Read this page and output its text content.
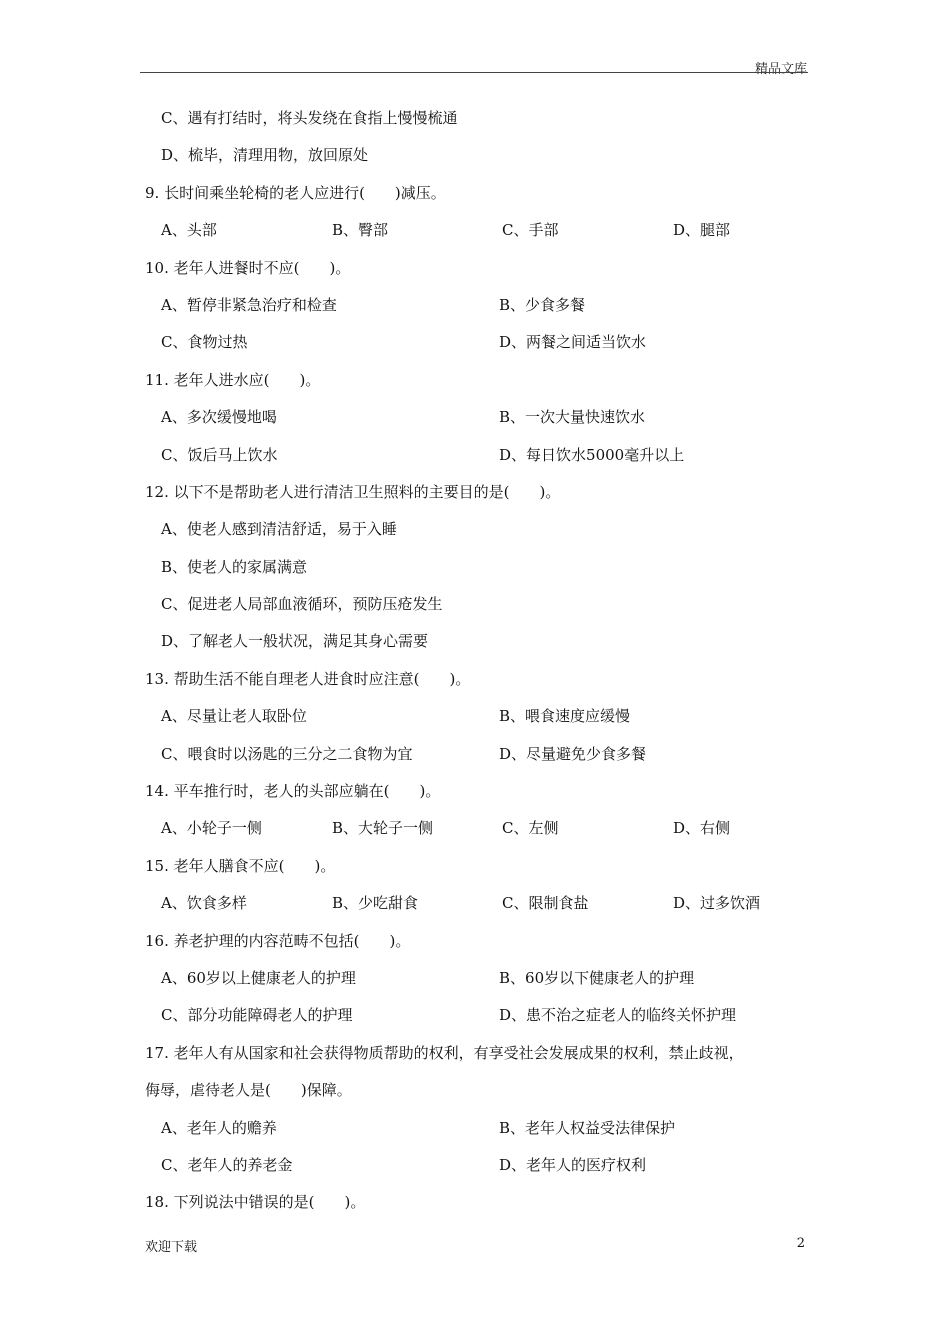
精品文库
C、遇有打结时，将头发绕在食指上慢慢梳通
D、梳毕，清理用物，放回原处
9. 长时间乘坐轮椅的老人应进行(　　)减压。
A、头部	B、臀部	C、手部	D、腿部
10. 老年人进餐时不应(　　)。
A、暂停非紧急治疗和检查	B、少食多餐
C、食物过热	D、两餐之间适当饮水
11. 老年人进水应(　　)。
A、多次缓慢地喝	B、一次大量快速饮水
C、饭后马上饮水	D、每日饮水5000毫升以上
12. 以下不是帮助老人进行清洁卫生照料的主要目的是(　　)。
A、使老人感到清洁舒适，易于入睡
B、使老人的家属满意
C、促进老人局部血液循环，预防压疮发生
D、了解老人一般状况，满足其身心需要
13. 帮助生活不能自理老人进食时应注意(　　)。
A、尽量让老人取卧位	B、喂食速度应缓慢
C、喂食时以汤匙的三分之二食物为宜	D、尽量避免少食多餐
14. 平车推行时，老人的头部应躺在(　　)。
A、小轮子一侧	B、大轮子一侧	C、左侧	D、右侧
15. 老年人膳食不应(　　)。
A、饮食多样	B、少吃甜食	C、限制食盐	D、过多饮酒
16. 养老护理的内容范畴不包括(　　)。
A、60岁以上健康老人的护理	B、60岁以下健康老人的护理
C、部分功能障碍老人的护理	D、患不治之症老人的临终关怀护理
17. 老年人有从国家和社会获得物质帮助的权利，有享受社会发展成果的权利，禁止歧视，
侮辱，虐待老人是(　　)保障。
A、老年人的赡养	B、老年人权益受法律保护
C、老年人的养老金	D、老年人的医疗权利
18. 下列说法中错误的是(　　)。
欢迎下载	2
